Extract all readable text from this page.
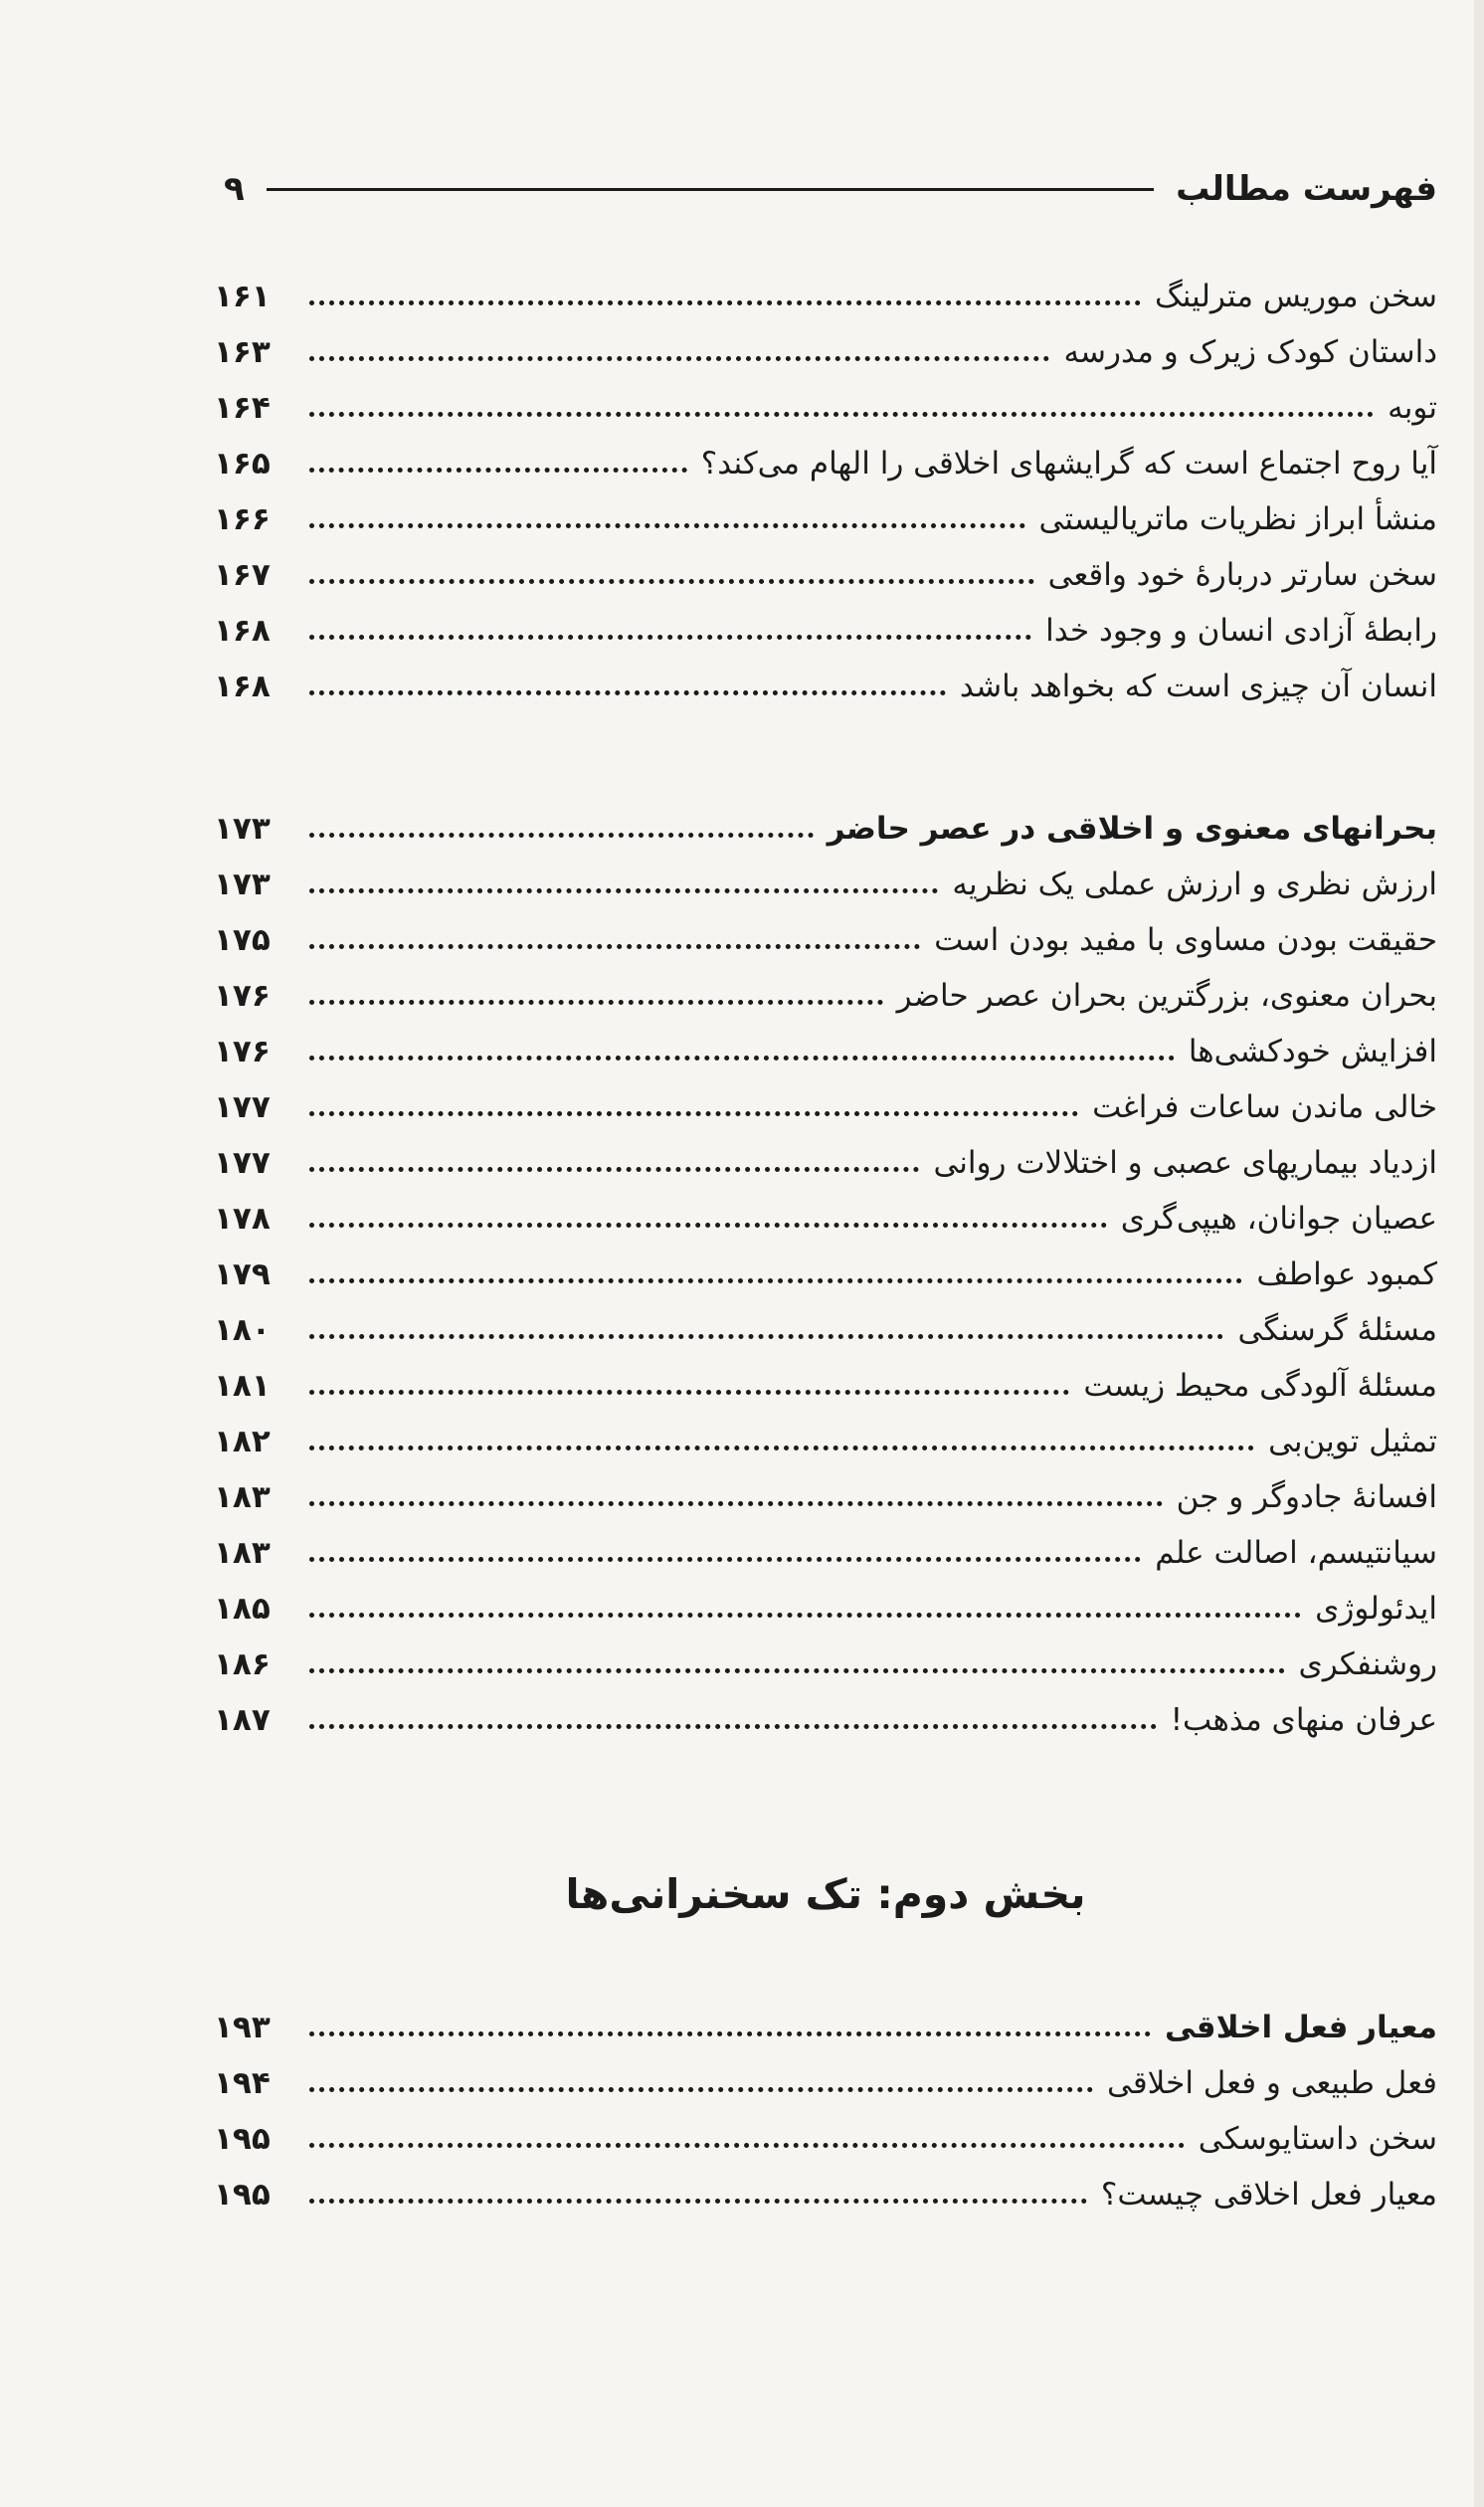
فهرست مطالب
۹
سخن موریس مترلینگ
۱۶۱
داستان کودک زیرک و مدرسه
۱۶۳
توبه
۱۶۴
آیا روح اجتماع است که گرایشهای اخلاقی را الهام می‌کند؟
۱۶۵
منشأ ابراز نظریات ماتریالیستی
۱۶۶
سخن سارتر دربارهٔ خود واقعی
۱۶۷
رابطهٔ آزادی انسان و وجود خدا
۱۶۸
انسان آن چیزی است که بخواهد باشد
۱۶۸
بحرانهای معنوی و اخلاقی در عصر حاضر
۱۷۳
ارزش نظری و ارزش عملی یک نظریه
۱۷۳
حقیقت بودن مساوی با مفید بودن است
۱۷۵
بحران معنوی، بزرگترین بحران عصر حاضر
۱۷۶
افزایش خودکشی‌ها
۱۷۶
خالی ماندن ساعات فراغت
۱۷۷
ازدیاد بیماریهای عصبی و اختلالات روانی
۱۷۷
عصیان جوانان، هیپی‌گری
۱۷۸
کمبود عواطف
۱۷۹
مسئلهٔ گرسنگی
۱۸۰
مسئلهٔ آلودگی محیط زیست
۱۸۱
تمثیل توین‌بی
۱۸۲
افسانهٔ جادوگر و جن
۱۸۳
سیانتیسم، اصالت علم
۱۸۳
ایدئولوژی
۱۸۵
روشنفکری
۱۸۶
عرفان منهای مذهب!
۱۸۷
بخش دوم: تک سخنرانی‌ها
معیار فعل اخلاقی
۱۹۳
فعل طبیعی و فعل اخلاقی
۱۹۴
سخن داستایوسکی
۱۹۵
معیار فعل اخلاقی چیست؟
۱۹۵
